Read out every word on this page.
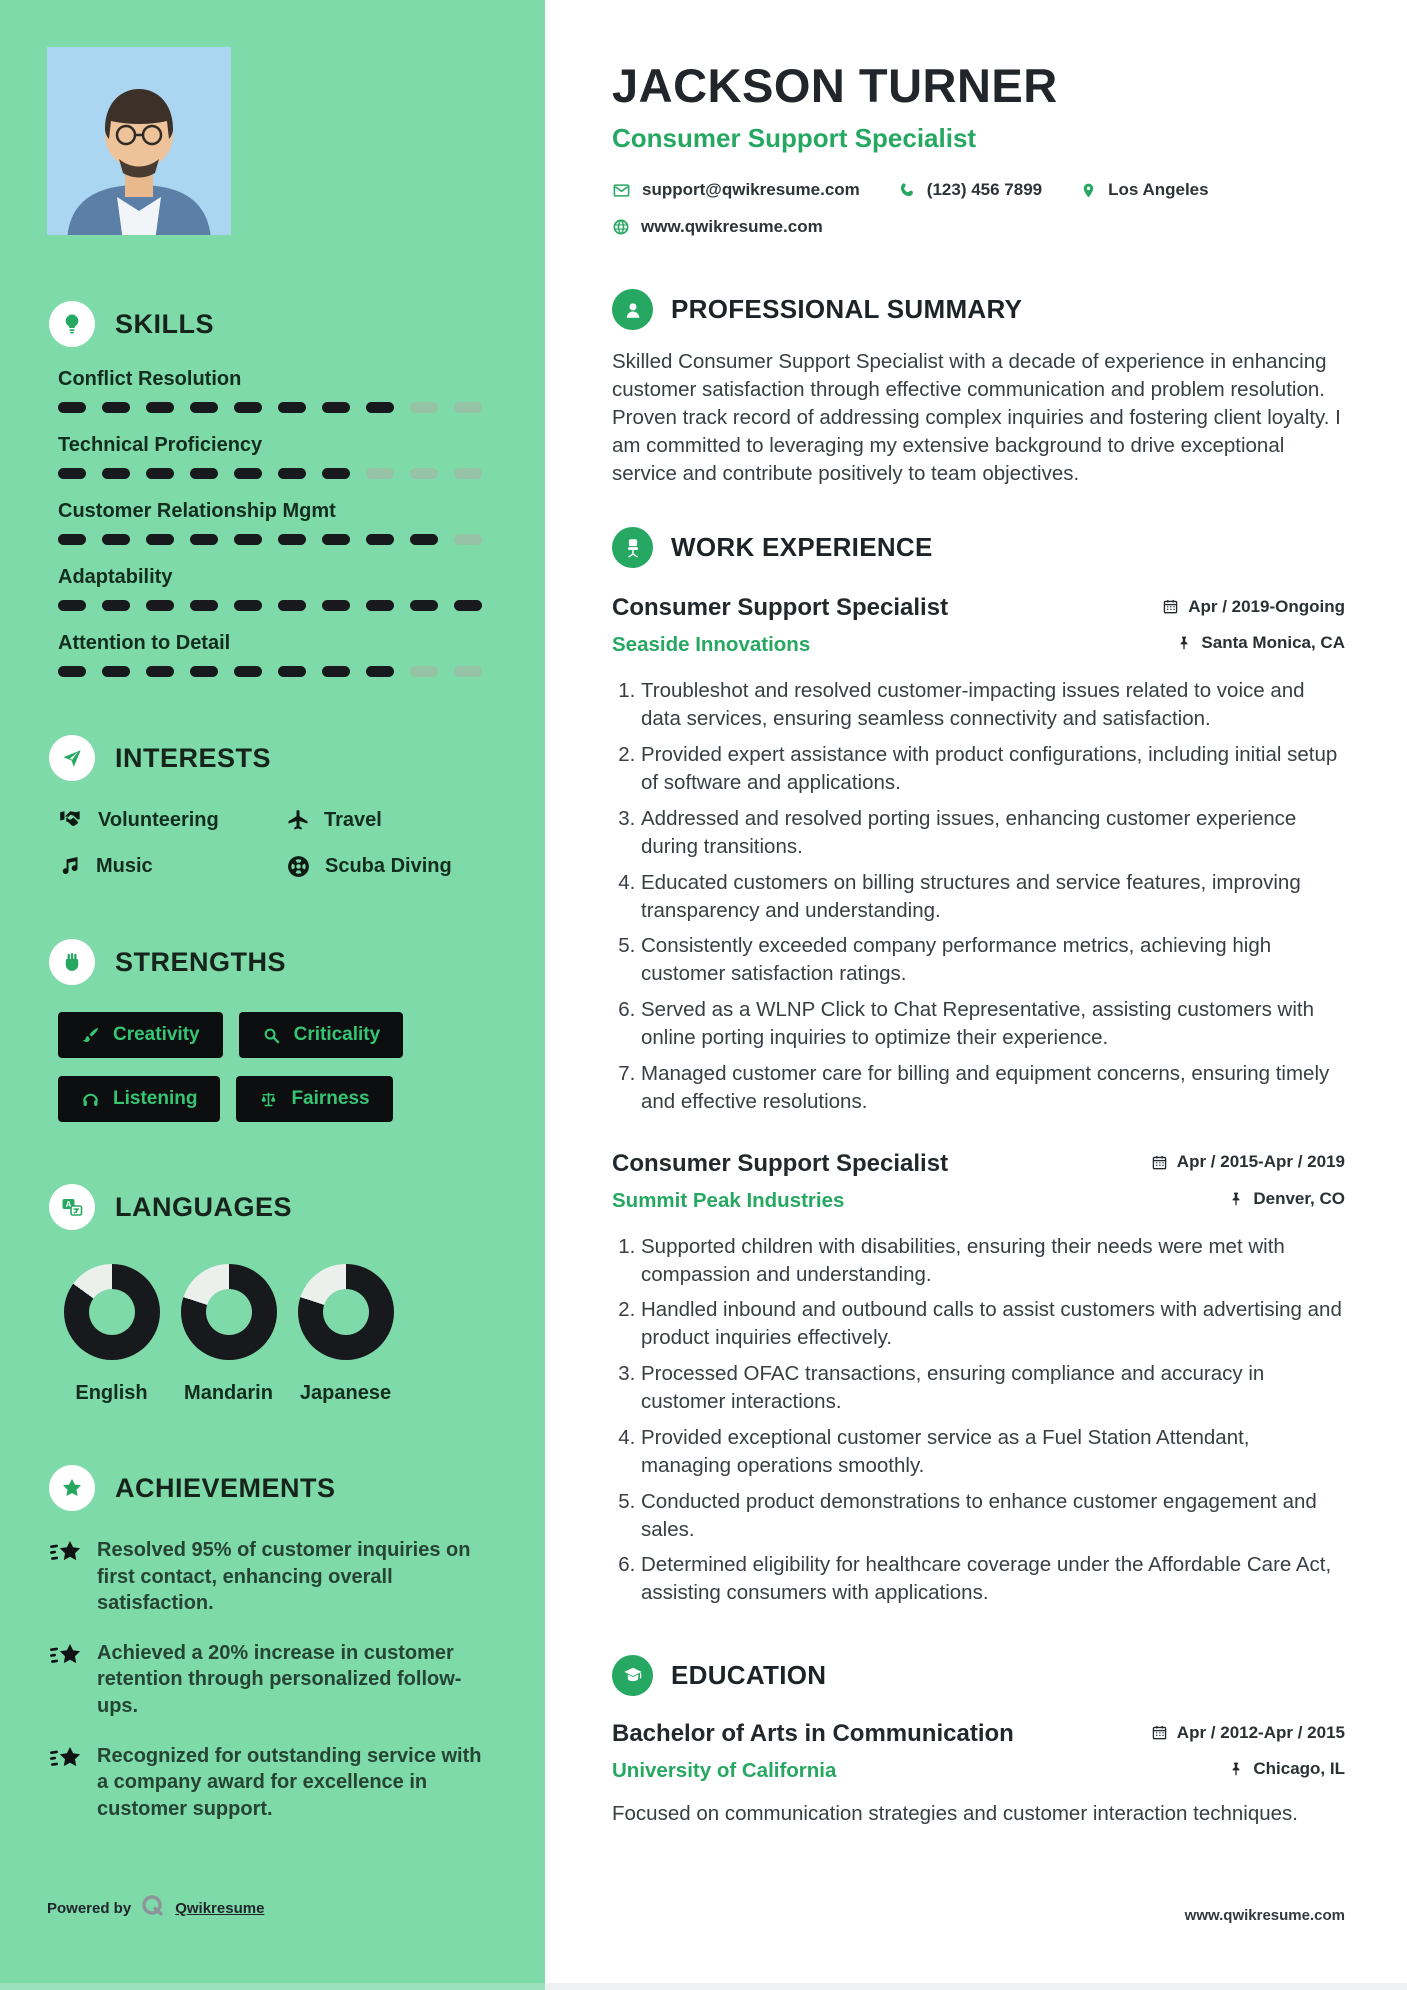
SKILLS
Conflict Resolution
Technical Proficiency
Customer Relationship Mgmt
Adaptability
Attention to Detail
INTERESTS
Volunteering	Travel
Music	Scuba Diving
STRENGTHS
Creativity	Criticality
Listening	Fairness
A LANGUAGES
English Mandarin Japanese
ACHIEVEMENTS

Resolved 95% of customer inquiries on first contact, enhancing overall satisfaction.

Achieved a 20% increase in customer retention through personalized follow-ups.

Recognized for outstanding service with a company award for excellence in customer support.

Powered by	Qwikresume
JACKSON TURNER
Consumer Support Specialist
support@qwikresume.com	(123) 456 7899	Los Angeles
www.qwikresume.com
PROFESSIONAL SUMMARY

Skilled Consumer Support Specialist with a decade of experience in enhancing customer satisfaction through effective communication and problem resolution. Proven track record of addressing complex inquiries and fostering client loyalty. I am committed to leveraging my extensive background to drive exceptional service and contribute positively to team objectives.

WORK EXPERIENCE
Consumer Support Specialist	Apr / 2019-Ongoing
Seaside Innovations	Santa Monica, CA
1. Troubleshot and resolved customer-impacting issues related to voice and data services, ensuring seamless connectivity and satisfaction.
2. Provided expert assistance with product configurations, including initial setup of software and applications.
3. Addressed and resolved porting issues, enhancing customer experience during transitions.
4. Educated customers on billing structures and service features, improving transparency and understanding.
5. Consistently exceeded company performance metrics, achieving high customer satisfaction ratings.
6. Served as a WLNP Click to Chat Representative, assisting customers with online porting inquiries to optimize their experience.
7. Managed customer care for billing and equipment concerns, ensuring timely and effective resolutions.
Consumer Support Specialist	Apr / 2015-Apr / 2019
Summit Peak Industries	Denver, CO
1. Supported children with disabilities, ensuring their needs were met with compassion and understanding.
2. Handled inbound and outbound calls to assist customers with advertising and product inquiries effectively.
3. Processed OFAC transactions, ensuring compliance and accuracy in customer interactions.
4. Provided exceptional customer service as a Fuel Station Attendant, managing operations smoothly.
5. Conducted product demonstrations to enhance customer engagement and sales.
6. Determined eligibility for healthcare coverage under the Affordable Care Act, assisting consumers with applications.
EDUCATION
Bachelor of Arts in Communication	Apr / 2012-Apr / 2015
University of California	Chicago, IL

Focused on communication strategies and customer interaction techniques.

www.qwikresume.com
